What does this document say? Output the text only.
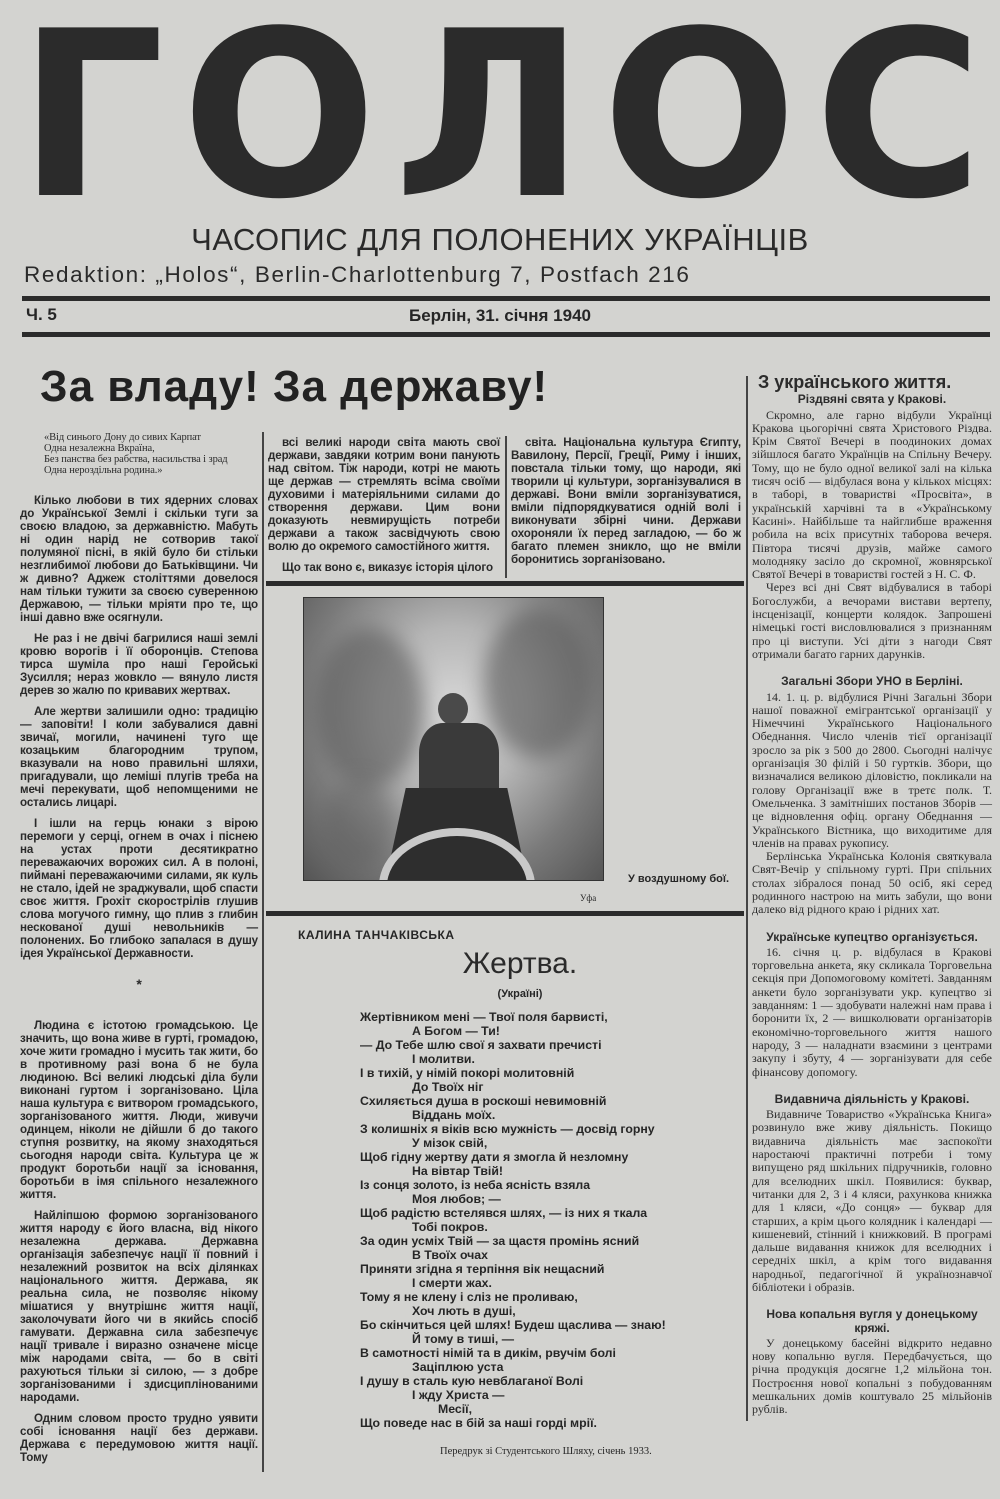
Г О Л О С
ЧАСОПИС ДЛЯ ПОЛОНЕНИХ УКРАЇНЦІВ
Redaktion: „Holos“, Berlin-Charlottenburg 7, Postfach 216
Ч. 5	Берлін, 31. січня 1940
За владу! За державу!
«Від синього Дону до сивих Карпат
Одна незалежна Вкраїна,
Без панства без рабства, насильства і зрад
Одна нероздільна родина.»

Кілько любови в тих ядерних словах до Української Землі і скільки туги за своєю владою, за державністю. Мабуть ні один нарід не сотворив такої полумяної пісні, в якій було би стільки незглибимої любови до Батьківщини. Чи ж дивно? Аджеж століттями довелося нам тільки тужити за своєю суверенною Державою, — тільки мріяти про те, що інші давно вже осягнули.

Не раз і не двічі багрилися наші землі кровю ворогів і її оборонців. Степова тирса шуміла про наші Геройські Зусилля; нераз жовкло — вянуло листя дерев зо жалю по кривавих жертвах.

Але жертви залишили одно: традицію — заповіти! І коли забувалися давні звичаї, могили, начинені туго ще козацьким благородним трупом, вказували на ново правильні шляхи, пригадували, що леміші плугів треба на мечі перекувати, щоб непомщеними не остались лицарі.

І ішли на герць юнаки з вірою перемоги у серці, огнем в очах і піснею на устах проти десятикратно переважаючих ворожих сил. А в полоні, пиймані переважаючими силами, як куль не стало, ідей не зраджували, щоб спасти своє життя. Грохіт скорострілів глушив слова могучого гимну, що плив з глибин нескованої душі невольників — полонених. Бо глибоко запалася в душу ідея Української Державности.

*

Людина є істотою громадською. Це значить, що вона живе в гурті, громадою, хоче жити громадно і мусить так жити, бо в противному разі вона б не була людиною. Всі великі людські діла були виконані гуртом і зорганізовано. Ціла наша культура є витвором громадського, зорганізованого життя. Люди, живучи одинцем, ніколи не дійшли б до такого ступня розвитку, на якому знаходяться сьогодня народи світа. Культура це ж продукт боротьби нації за існовання, боротьби в імя спільного незалежного життя.

Найліпшою формою зорганізованого життя народу є його власна, від нікого незалежна держава. Державна організація забезпечує нації її повний і незалежний розвиток на всіх ділянках національного життя. Держава, як реальна сила, не позволяє нікому мішатися у внутрішнє життя нації, заколочувати його чи в якийсь спосіб гамувати. Державна сила забезпечує нації тривале і виразно означене місце між народами світа, — бо в світі рахуються тільки зі силою, — з добре зорганізованими і здисциплінованими народами.

Одним словом просто трудно уявити собі існовання нації без держави. Держава є передумовою життя нації. Тому

всі великі народи світа мають свої держави, завдяки котрим вони панують над світом. Тіж народи, котрі не мають ще держав — стремлять всіма своїми духовими і матеріяльними силами до створення держави. Цим вони доказують невмирущість потреби держави а також засвідчують свою волю до окремого самостійного життя.

Що так воно є, виказує історія цілого

світа. Національна культура Єгипту, Вавилону, Персії, Греції, Риму і інших, повстала тільки тому, що народи, які творили ці культури, зорганізувалися в державі. Вони вміли зорганізуватися, вміли підпорядкуватися одній волі і виконувати збірні чини. Держави охороняли їх перед загладою, — бо ж багато племен зникло, що не вміли боронитись зорганізовано.

У воздушному бої.
Уфа
КАЛИНА ТАНЧАКІВСЬКА
Жертва.
(Україні)
Жертівником мені — Твої поля барвисті,
А Богом — Ти!
— До Тебе шлю свої я захвати пречисті
І молитви.
І в тихій, у німій покорі молитовній
До Твоїх ніг
Схиляється душа в роскоші невимовній
Віддань моїх.
З колишніх я віків всю мужність — досвід горну
У мізок свій,
Щоб гідну жертву дати я змогла й незломну
На вівтар Твій!
Із сонця золото, із неба ясність взяла
Моя любов; —
Щоб радістю встелявся шлях, — із них я ткала
Тобі покров.
За один усміх Твій — за щастя промінь ясний
В Твоїх очах
Приняти згідна я терпіння вік нещасний
І смерти жах.
Тому я не клену і сліз не проливаю,
Хоч лють в душі,
Бо скінчиться цей шлях! Будеш щаслива — знаю!
Й тому в тиші, —
В самотності німій та в дикім, рвучім болі
Заціплюю уста
І душу в сталь кую невблаганої Волі
І жду Христа —
Месії,
Що поведе нас в бій за наші горді мрії.
Передрук зі Студентського Шляху, січень 1933.
З українського життя.
Різдвяні свята у Кракові.

Скромно, але гарно відбули Українці Кракова цьогорічні свята Христового Різдва. Крім Святої Вечері в поодиноких домах зійшлося багато Українців на Спільну Вечеру. Тому, що не було одної великої залі на кілька тисяч осіб — відбулася вона у кількох місцях: в таборі, в товаристві «Просвіта», в українській харчівні та в «Українському Касині». Найбільше та найглибше враження робила на всіх присутніх таборова вечеря. Півтора тисячі друзів, майже самого молодняку засіло до скромної, жовнярської Святої Вечері в товаристві гостей з Н. С. Ф.

Через всі дні Свят відбувалися в таборі Богослужби, а вечорами вистави вертепу, інсценізації, концерти колядок. Запрошені німецькі гості висловлювалися з признанням про ці виступи. Усі діти з нагоди Свят отримали багато гарних дарунків.

Загальні Збори УНО в Берліні.

14. 1. ц. р. відбулися Річні Загальні Збори нашої поважної емігрантської організації у Німеччині Українського Національного Обеднання. Число членів тієї організації зросло за рік з 500 до 2800. Сьогодні налічує організація 30 філій і 50 гуртків. Збори, що визначалися великою діловістю, покликали на голову Організації вже в третє полк. Т. Омельченка. З замітніших постанов Зборів — це відновлення офіц. органу Обеднання — Українського Вістника, що виходитиме для членів на правах рукопису.

Берлінська Українська Колонія святкувала Свят-Вечір у спільному гурті. При спільних столах зібралося понад 50 осіб, які серед родинного настрою на мить забули, що вони далеко від рідного краю і рідних хат.

Українське купецтво організується.

16. січня ц. р. відбулася в Кракові торговельна анкета, яку скликала Торговельна секція при Допомоговому комітеті. Завданням анкети було зорганізувати укр. купецтво зі завданням: 1 — здобувати належні нам права і боронити їх, 2 — вишколювати організаторів економічно-торговельного життя нашого народу, 3 — наладнати взаємини з центрами закупу і збуту, 4 — зорганізувати для себе фінансову допомогу.

Видавнича діяльність у Кракові.

Видавниче Товариство «Українська Книга» розвинуло вже живу діяльність. Покищо видавнича діяльність має заспокоїти наростаючі практичні потреби і тому випущено ряд шкільних підручників, головно для вселюдних шкіл. Появилися: буквар, читанки для 2, 3 і 4 кляси, рахункова книжка для 1 кляси, «До сонця» — буквар для старших, а крім цього колядник і календарі — кишеневий, стінний і книжковий. В програмі дальше видавання книжок для вселюдних і середніх шкіл, а крім того видавання народньої, педагогічної й українознавчої бібліотеки і образів.

Нова копальня вугля у донецькому кряжі.

У донецькому басейні відкрито недавно нову копальню вугля. Передбачується, що річна продукція досягне 1,2 мільйона тон. Построєння нової копальні з побудованням мешкальних домів коштувало 25 мільйонів рублів.
